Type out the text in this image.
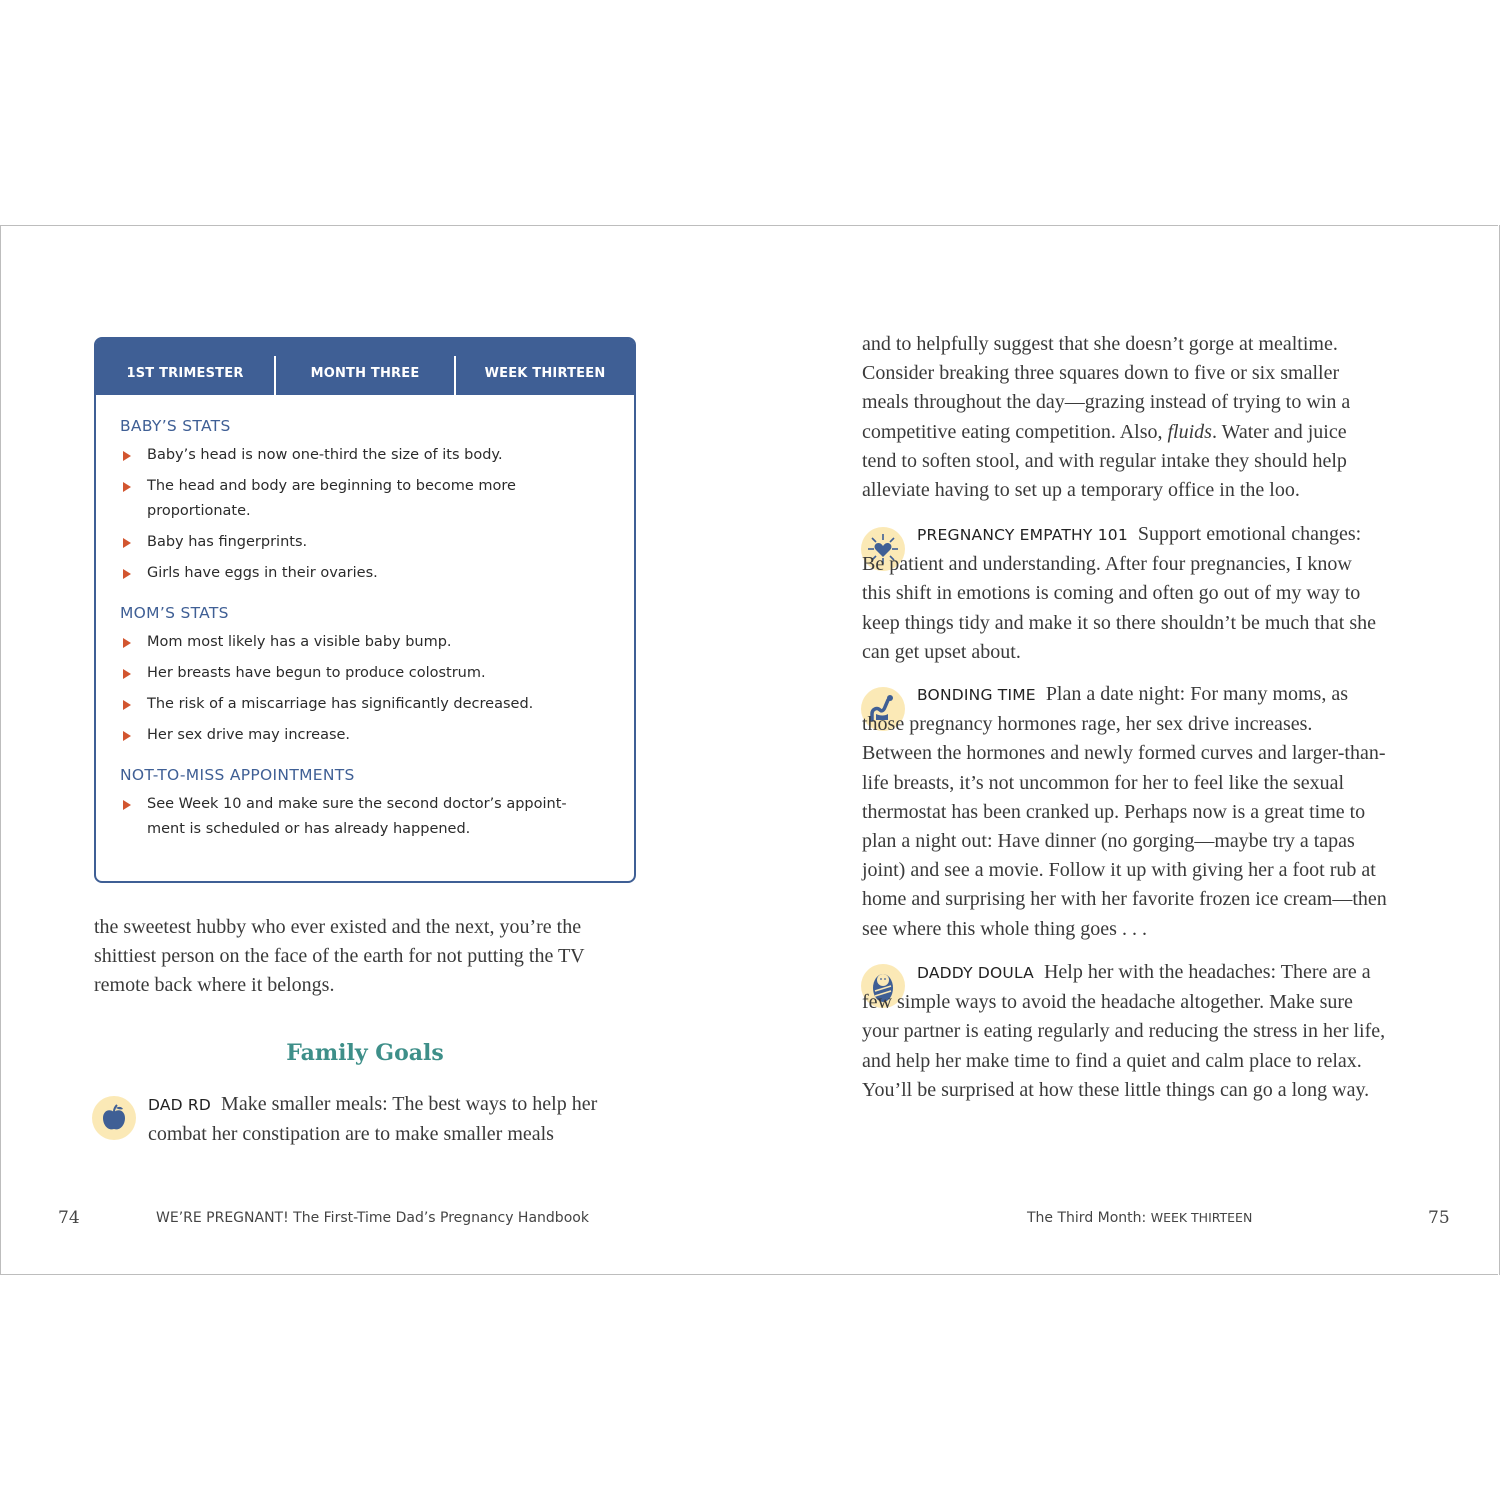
1ST TRIMESTER	MONTH THREE	WEEK THIRTEEN
BABY’S STATS
Baby’s head is now one-third the size of its body.
The head and body are beginning to become more proportionate.
Baby has fingerprints.
Girls have eggs in their ovaries.
MOM’S STATS
Mom most likely has a visible baby bump.
Her breasts have begun to produce colostrum.
The risk of a miscarriage has significantly decreased.
Her sex drive may increase.
NOT-TO-MISS APPOINTMENTS
See Week 10 and make sure the second doctor’s appoint-ment is scheduled or has already happened.
the sweetest hubby who ever existed and the next, you’re the shittiest person on the face of the earth for not putting the TV remote back where it belongs.
Family Goals
DAD RD Make smaller meals: The best ways to help her combat her constipation are to make smaller meals
and to helpfully suggest that she doesn’t gorge at mealtime. Consider breaking three squares down to five or six smaller meals throughout the day—grazing instead of trying to win a competitive eating competition. Also, fluids. Water and juice tend to soften stool, and with regular intake they should help alleviate having to set up a temporary office in the loo.
PREGNANCY EMPATHY 101 Support emotional changes: Be patient and understanding. After four pregnancies, I know this shift in emotions is coming and often go out of my way to keep things tidy and make it so there shouldn’t be much that she can get upset about.
BONDING TIME Plan a date night: For many moms, as those pregnancy hormones rage, her sex drive increases. Between the hormones and newly formed curves and larger-than-life breasts, it’s not uncommon for her to feel like the sexual thermostat has been cranked up. Perhaps now is a great time to plan a night out: Have dinner (no gorging—maybe try a tapas joint) and see a movie. Follow it up with giving her a foot rub at home and surprising her with her favorite frozen ice cream—then see where this whole thing goes . . .
DADDY DOULA Help her with the headaches: There are a few simple ways to avoid the headache altogether. Make sure your partner is eating regularly and reducing the stress in her life, and help her make time to find a quiet and calm place to relax. You’ll be surprised at how these little things can go a long way.
74	WE’RE PREGNANT! The First-Time Dad’s Pregnancy Handbook	The Third Month: WEEK THIRTEEN	75
